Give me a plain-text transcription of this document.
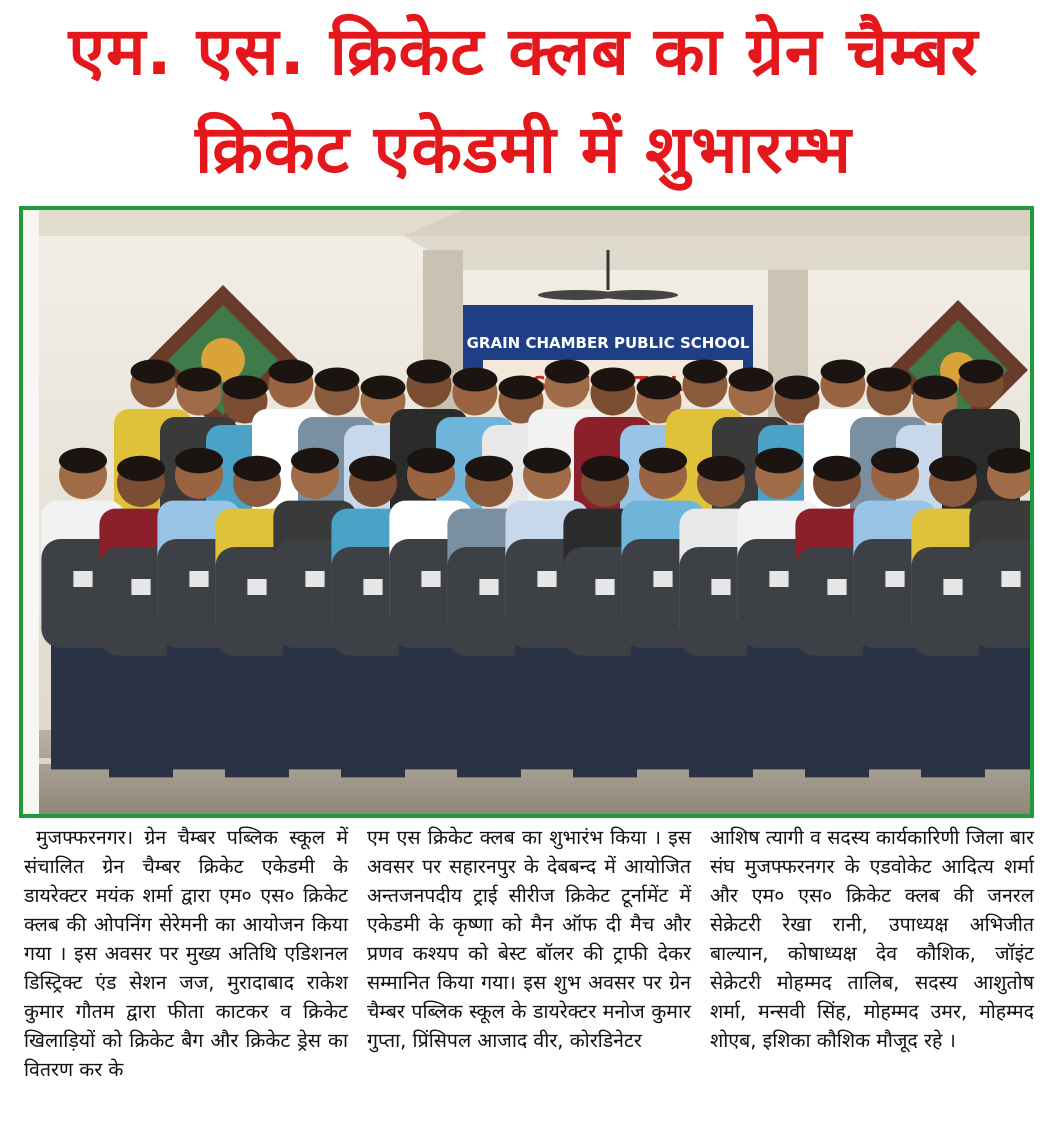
एम. एस. क्रिकेट क्लब का ग्रेन चैम्बर
क्रिकेट एकेडमी में शुभारम्भ
GRAIN CHAMBER PUBLIC SCHOOL

मुजफ्फरनगर। ग्रेन चैम्बर पब्लिक स्कूल में संचालित ग्रेन चैम्बर क्रिकेट एकेडमी के डायरेक्टर मयंक शर्मा द्वारा एम० एस० क्रिकेट क्लब की ओपनिंग सेरेमनी का आयोजन किया गया । इस अवसर पर मुख्य अतिथि एडिशनल डिस्ट्रिक्ट एंड सेशन जज, मुरादाबाद राकेश कुमार गौतम द्वारा फीता काटकर व क्रिकेट खिलाड़ियों को क्रिकेट बैग और क्रिकेट ड्रेस का वितरण कर के

एम एस क्रिकेट क्लब का शुभारंभ किया । इस अवसर पर सहारनपुर के देबबन्द में आयोजित अन्तजनपदीय ट्राई सीरीज क्रिकेट टूर्नामेंट में एकेडमी के कृष्णा को मैन ऑफ दी मैच और प्रणव कश्यप को बेस्ट बॉलर की ट्राफी देकर सम्मानित किया गया। इस शुभ अवसर पर ग्रेन चैम्बर पब्लिक स्कूल के डायरेक्टर मनोज कुमार गुप्ता, प्रिंसिपल आजाद वीर, कोरडिनेटर

आशिष त्यागी व सदस्य कार्यकारिणी जिला बार संघ मुजफ्फरनगर के एडवोकेट आदित्य शर्मा और एम० एस० क्रिकेट क्लब की जनरल सेक्रेटरी रेखा रानी, उपाध्यक्ष अभिजीत बाल्यान, कोषाध्यक्ष देव कौशिक, जॉइंट सेक्रेटरी मोहम्मद तालिब, सदस्य आशुतोष शर्मा, मन्सवी सिंह, मोहम्मद उमर, मोहम्मद शोएब, इशिका कौशिक मौजूद रहे ।
